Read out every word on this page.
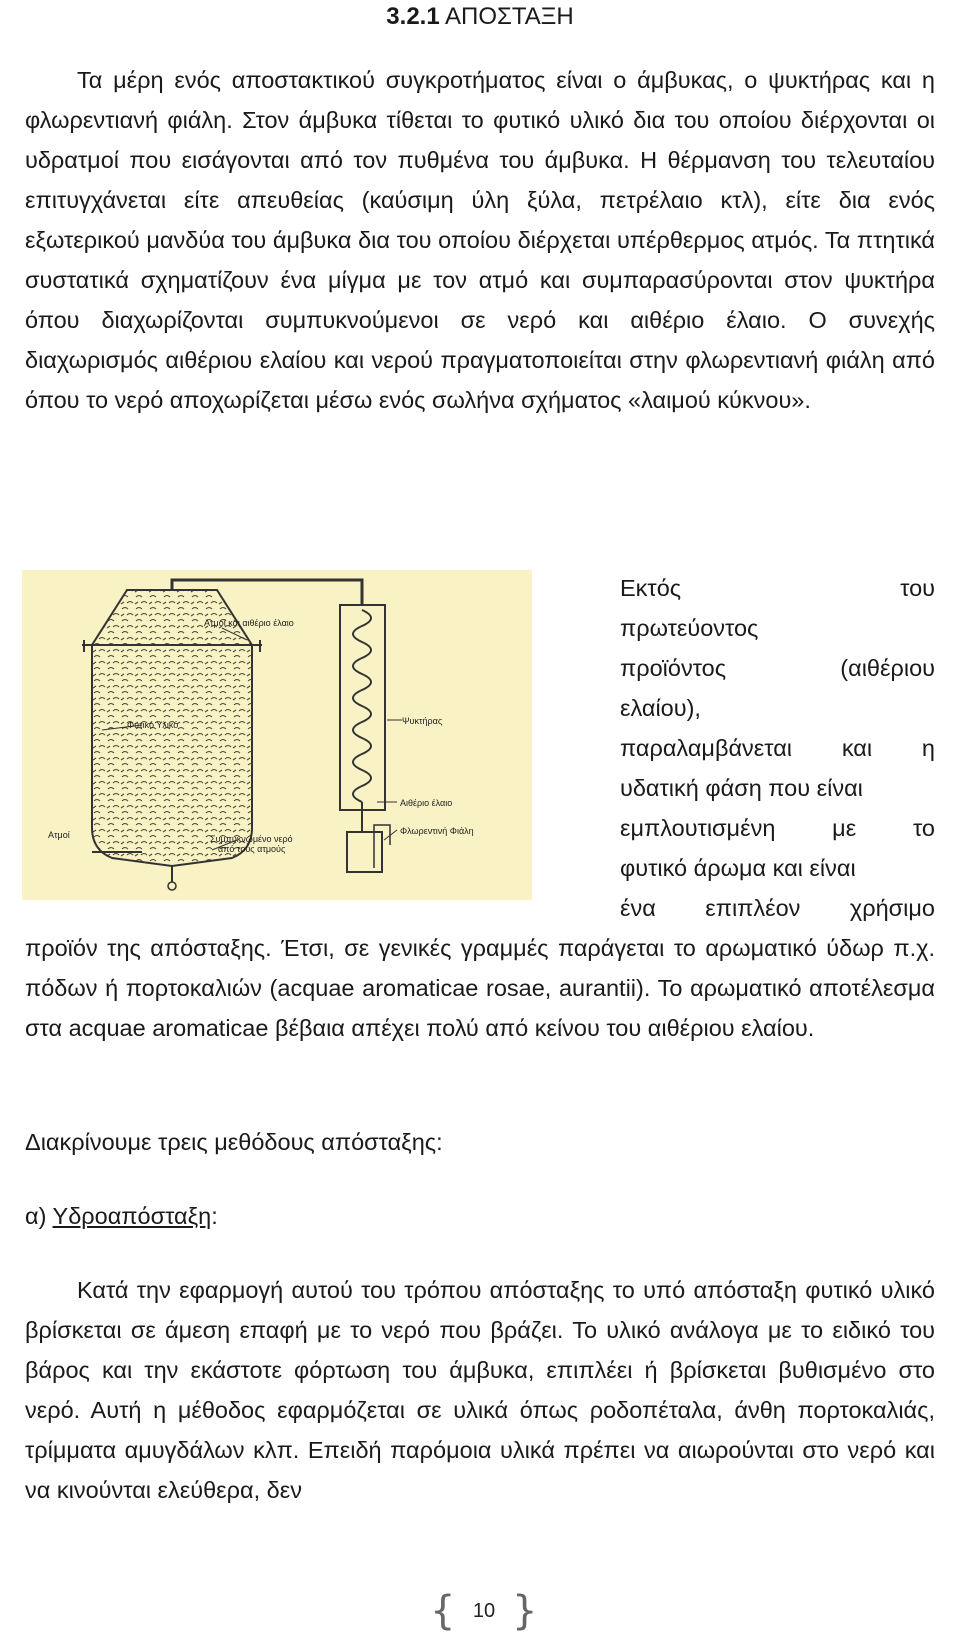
3.2.1 ΑΠΟΣΤΑΞΗ

Τα μέρη ενός αποστακτικού συγκροτήματος είναι ο άμβυκας, ο ψυκτήρας και η φλωρεντιανή φιάλη. Στον άμβυκα τίθεται το φυτικό υλικό δια του οποίου διέρχονται οι υδρατμοί που εισάγονται από τον πυθμένα του άμβυκα. Η θέρμανση του τελευταίου επιτυγχάνεται είτε απευθείας (καύσιμη ύλη ξύλα, πετρέλαιο κτλ), είτε δια ενός εξωτερικού μανδύα του άμβυκα δια του οποίου διέρχεται υπέρθερμος ατμός. Τα πτητικά συστατικά σχηματίζουν ένα μίγμα με τον ατμό και συμπαρασύρονται στον ψυκτήρα όπου διαχωρίζονται συμπυκνούμενοι σε νερό και αιθέριο έλαιο. Ο συνεχής διαχωρισμός αιθέριου ελαίου και νερού πραγματοποιείται στην φλωρεντιανή φιάλη από όπου το νερό αποχωρίζεται μέσω ενός σωλήνα σχήματος «λαιμού κύκνου».

Ατμοί και αιθέριο έλαιο
Φυτικό Υλικό	Ψυκτήρας
Αιθέριο έλαιο
Ατμοί	Συμπυκνωμένο νερό
από τους ατμούς
Φλωρεντινή Φιάλη
Εκτός	του
πρωτεύοντος
προϊόντος	(αιθέριου
ελαίου),
παραλαμβάνεται και η
υδατική φάση που είναι
εμπλουτισμένη με το
φυτικό άρωμα και είναι
ένα επιπλέον χρήσιμο

προϊόν της απόσταξης. Έτσι, σε γενικές γραμμές παράγεται το αρωματικό ύδωρ π.χ. πόδων ή πορτοκαλιών (acquae aromaticae rosae, aurantii). Το αρωματικό αποτέλεσμα στα acquae aromaticae βέβαια απέχει πολύ από κείνου του αιθέριου ελαίου.

Διακρίνουμε τρεις μεθόδους απόσταξης:
α) Υδροαπόσταξη:

Κατά την εφαρμογή αυτού του τρόπου απόσταξης το υπό απόσταξη φυτικό υλικό βρίσκεται σε άμεση επαφή με το νερό που βράζει. Το υλικό ανάλογα με το ειδικό του βάρος και την εκάστοτε φόρτωση του άμβυκα, επιπλέει ή βρίσκεται βυθισμένο στο νερό. Αυτή η μέθοδος εφαρμόζεται σε υλικά όπως ροδοπέταλα, άνθη πορτοκαλιάς, τρίμματα αμυγδάλων κλπ. Επειδή παρόμοια υλικά πρέπει να αιωρούνται στο νερό και να κινούνται ελεύθερα, δεν

{ 10 }
